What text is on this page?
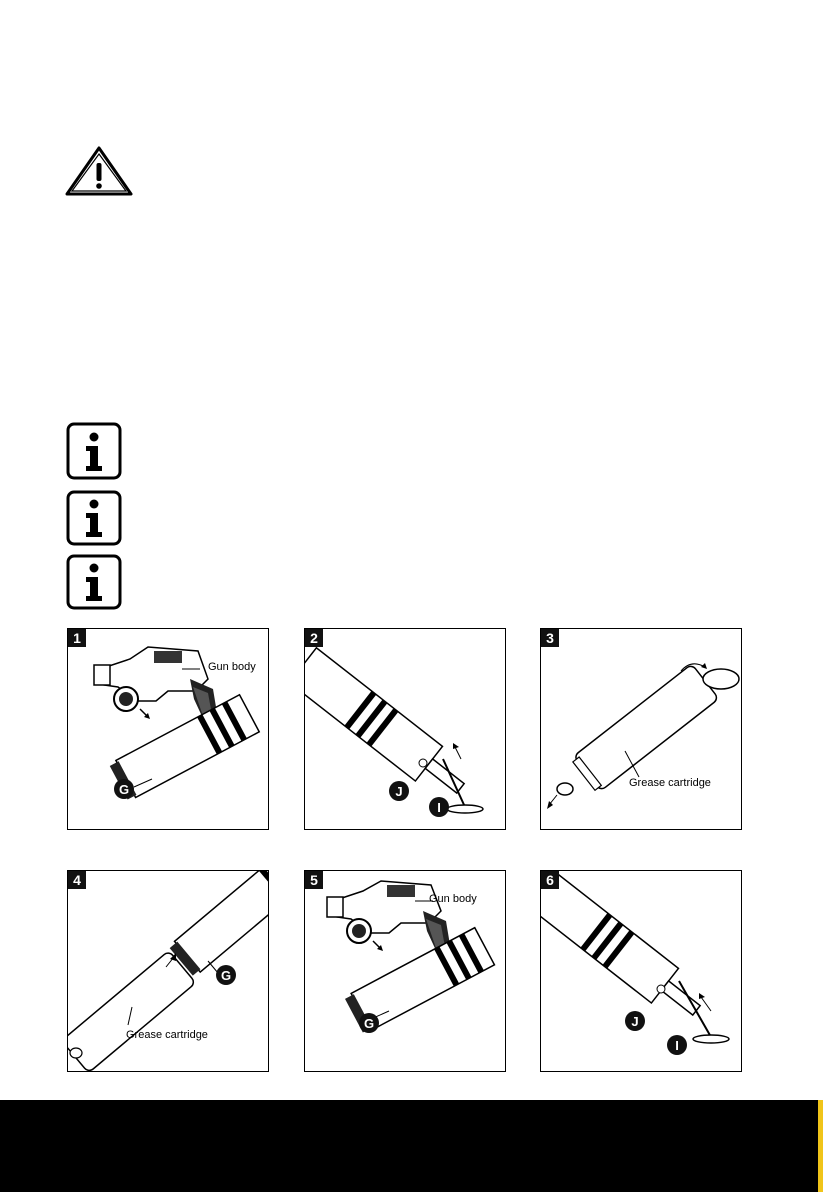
1
Gun body
G
2
J
I
3
Grease cartridge
4
Grease cartridge
G
5
Gun body
G
6
J
I
